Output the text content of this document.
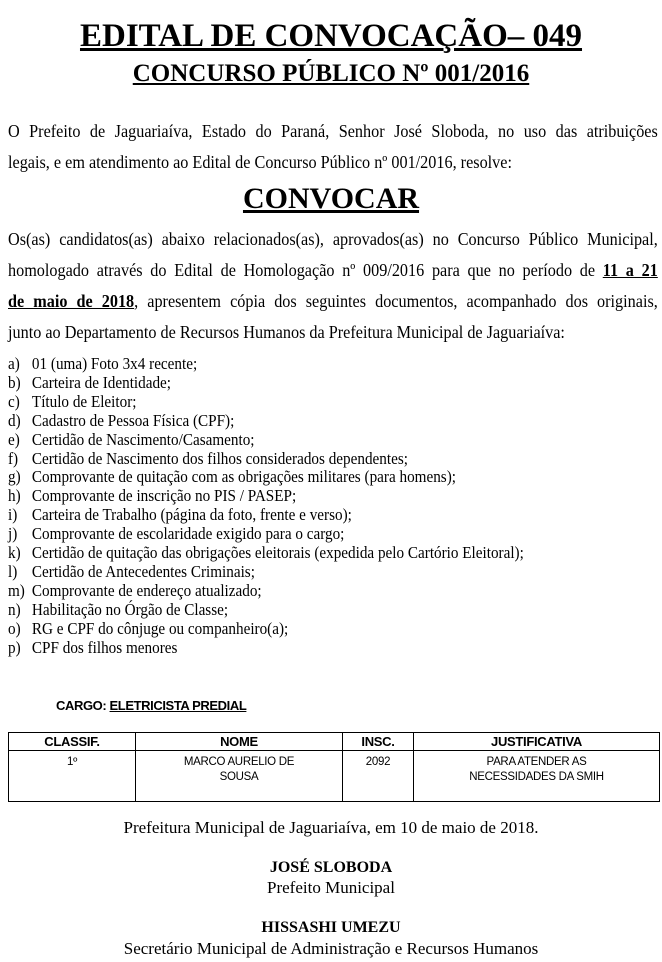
EDITAL DE CONVOCAÇÃO– 049
CONCURSO PÚBLICO Nº 001/2016
O Prefeito de Jaguariaíva, Estado do Paraná, Senhor José Sloboda, no uso das atribuições
legais, e em atendimento ao Edital de Concurso Público nº 001/2016, resolve:
CONVOCAR
Os(as) candidatos(as) abaixo relacionados(as), aprovados(as) no Concurso Público Municipal,
homologado através do Edital de Homologação nº 009/2016 para que no período de 11 a 21
de maio de 2018, apresentem cópia dos seguintes documentos, acompanhado dos originais,
junto ao Departamento de Recursos Humanos da Prefeitura Municipal de Jaguariaíva:
a) 01 (uma) Foto 3x4 recente;
b) Carteira de Identidade;
c) Título de Eleitor;
d) Cadastro de Pessoa Física (CPF);
e) Certidão de Nascimento/Casamento;
f) Certidão de Nascimento dos filhos considerados dependentes;
g) Comprovante de quitação com as obrigações militares (para homens);
h) Comprovante de inscrição no PIS / PASEP;
i) Carteira de Trabalho (página da foto, frente e verso);
j) Comprovante de escolaridade exigido para o cargo;
k) Certidão de quitação das obrigações eleitorais (expedida pelo Cartório Eleitoral);
l) Certidão de Antecedentes Criminais;
m) Comprovante de endereço atualizado;
n) Habilitação no Órgão de Classe;
o) RG e CPF do cônjuge ou companheiro(a);
p) CPF dos filhos menores
CARGO: ELETRICISTA PREDIAL
CLASSIF.	NOME	INSC.	JUSTIFICATIVA
1º	MARCO AURELIO DE SOUSA	2092	PARA ATENDER AS NECESSIDADES DA SMIH
Prefeitura Municipal de Jaguariaíva, em 10 de maio de 2018.
JOSÉ SLOBODA
Prefeito Municipal
HISSASHI UMEZU
Secretário Municipal de Administração e Recursos Humanos
